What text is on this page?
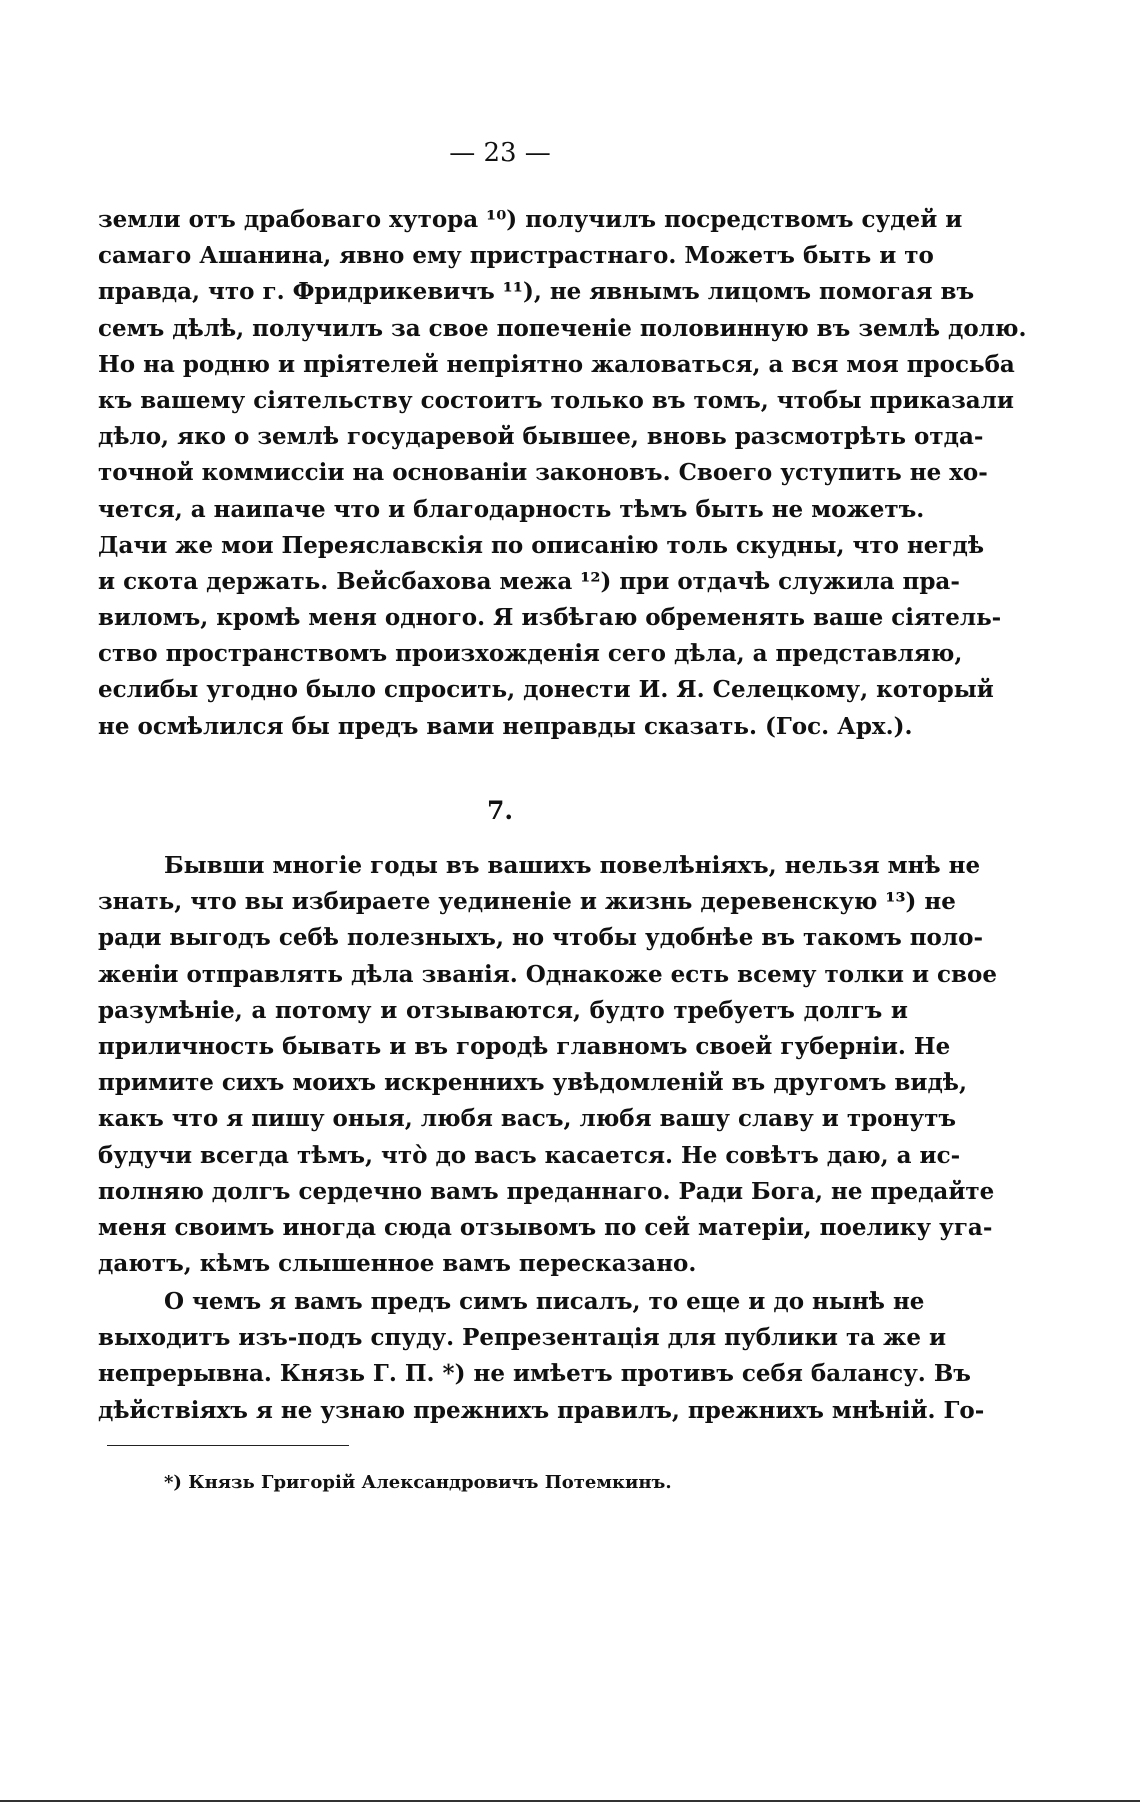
— 23 —
земли отъ драбоваго хутора ¹⁰) получилъ посредствомъ судей и
самаго Ашанина, явно ему пристрастнаго. Можетъ быть и то
правда, что г. Фридрикевичъ ¹¹), не явнымъ лицомъ помогая въ
семъ дѣлѣ, получилъ за свое попеченіе половинную въ землѣ долю.
Но на родню и пріятелей непріятно жаловаться, а вся моя просьба
къ вашему сіятельству состоитъ только въ томъ, чтобы приказали
дѣло, яко о землѣ государевой бывшее, вновь разсмотрѣть отда-
точной коммиссіи на основаніи законовъ. Своего уступить не хо-
чется, а наипаче что и благодарность тѣмъ быть не можетъ.
Дачи же мои Переяславскія по описанію толь скудны, что негдѣ
и скота держать. Вейсбахова межа ¹²) при отдачѣ служила пра-
виломъ, кромѣ меня одного. Я избѣгаю обременять ваше сіятель-
ство пространствомъ произхожденія сего дѣла, а представляю,
еслибы угодно было спросить, донести И. Я. Селецкому, который
не осмѣлился бы предъ вами неправды сказать. (Гос. Арх.).
7.
Бывши многіе годы въ вашихъ повелѣніяхъ, нельзя мнѣ не
знать, что вы избираете уединеніе и жизнь деревенскую ¹³) не
ради выгодъ себѣ полезныхъ, но чтобы удобнѣе въ такомъ поло-
женіи отправлять дѣла званія. Однакоже есть всему толки и свое
разумѣніе, а потому и отзываются, будто требуетъ долгъ и
приличность бывать и въ городѣ главномъ своей губерніи. Не
примите сихъ моихъ искреннихъ увѣдомленій въ другомъ видѣ,
какъ что я пишу оныя, любя васъ, любя вашу славу и тронутъ
будучи всегда тѣмъ, что̀ до васъ касается. Не совѣтъ даю, а ис-
полняю долгъ сердечно вамъ преданнаго. Ради Бога, не предайте
меня своимъ иногда сюда отзывомъ по сей матеріи, поелику уга-
даютъ, кѣмъ слышенное вамъ пересказано.
О чемъ я вамъ предъ симъ писалъ, то еще и до нынѣ не
выходитъ изъ-подъ спуду. Репрезентація для публики та же и
непрерывна. Князь Г. П. *) не имѣетъ противъ себя балансу. Въ
дѣйствіяхъ я не узнаю прежнихъ правилъ, прежнихъ мнѣній. Го-
*) Князь Григорій Александровичъ Потемкинъ.
